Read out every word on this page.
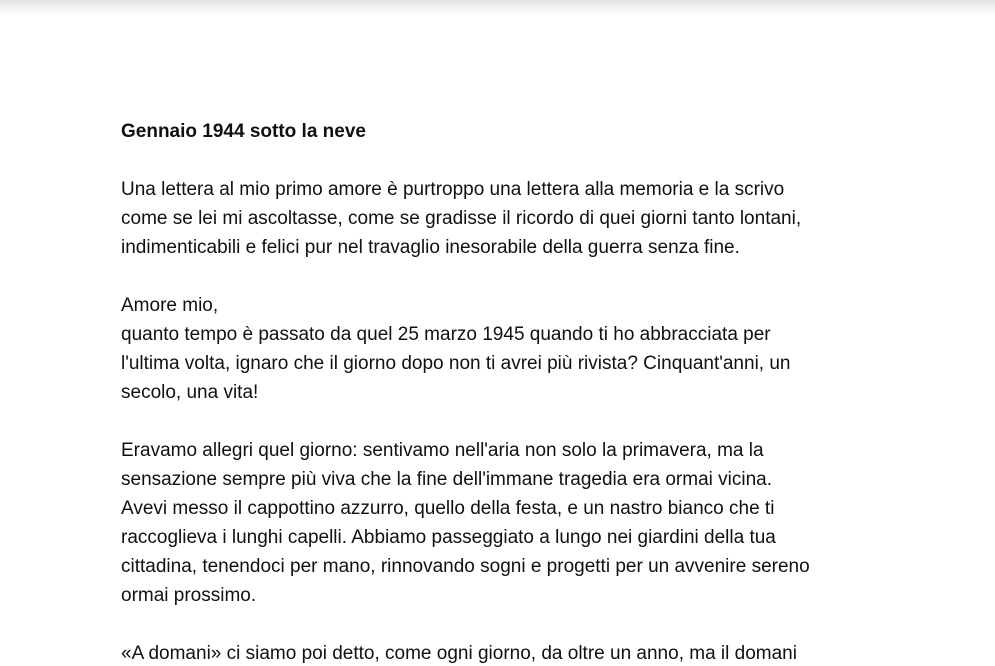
Gennaio 1944 sotto la neve

Una lettera al mio primo amore è purtroppo una lettera alla memoria e la scrivo
come se lei mi ascoltasse, come se gradisse il ricordo di quei giorni tanto lontani,
indimenticabili e felici pur nel travaglio inesorabile della guerra senza fine.

Amore mio,
quanto tempo è passato da quel 25 marzo 1945 quando ti ho abbracciata per
l'ultima volta, ignaro che il giorno dopo non ti avrei più rivista? Cinquant'anni, un
secolo, una vita!

Eravamo allegri quel giorno: sentivamo nell'aria non solo la primavera, ma la
sensazione sempre più viva che la fine dell'immane tragedia era ormai vicina.
Avevi messo il cappottino azzurro, quello della festa, e un nastro bianco che ti
raccoglieva i lunghi capelli. Abbiamo passeggiato a lungo nei giardini della tua
cittadina, tenendoci per mano, rinnovando sogni e progetti per un avvenire sereno
ormai prossimo.

«A domani» ci siamo poi detto, come ogni giorno, da oltre un anno, ma il domani
